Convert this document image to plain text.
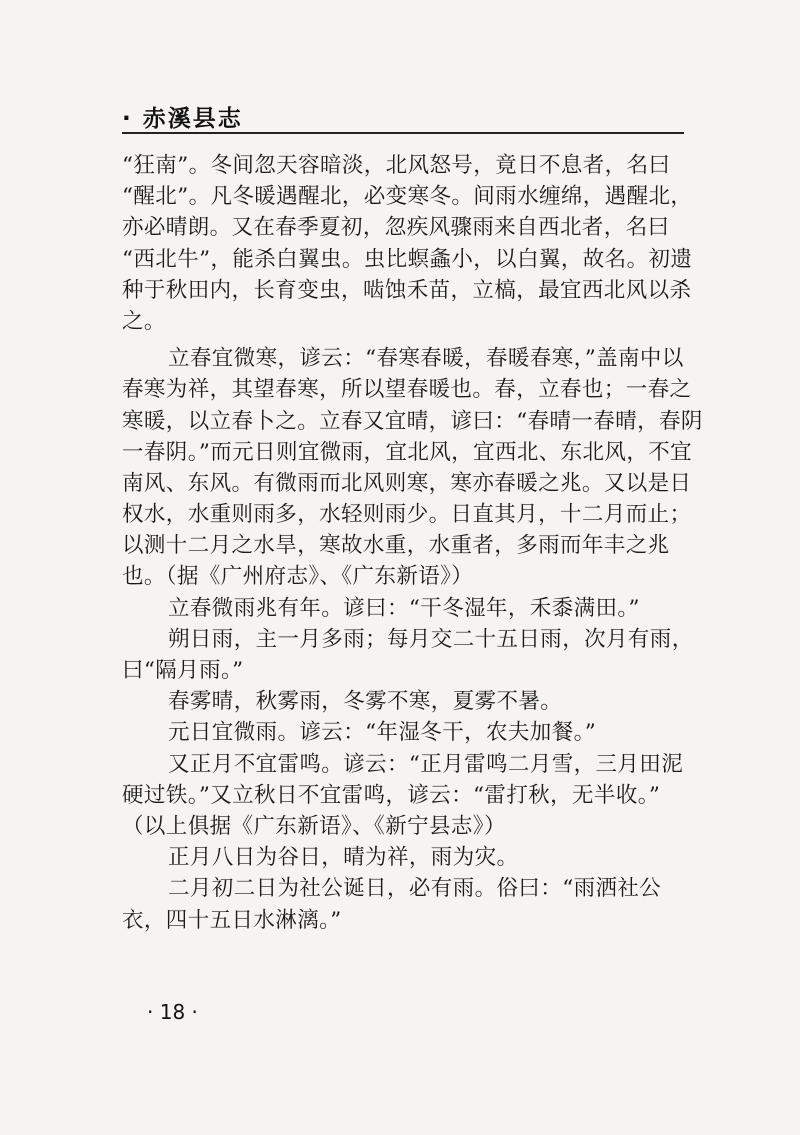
· 赤溪县志
“狂南”。冬间忽天容暗淡，北风怒号，竟日不息者，名曰
“醒北”。凡冬暖遇醒北，必变寒冬。间雨水缠绵，遇醒北，
亦必晴朗。又在春季夏初，忽疾风骤雨来自西北者，名曰
“西北牛”，能杀白翼虫。虫比螟螽小，以白翼，故名。初遗
种于秋田内，长育变虫，啮蚀禾苗，立槁，最宜西北风以杀
之。
立春宜微寒，谚云：“春寒春暖，春暖春寒，”盖南中以
春寒为祥，其望春寒，所以望春暖也。春，立春也；一春之
寒暖，以立春卜之。立春又宜晴，谚曰：“春晴一春晴，春阴
一春阴。”而元日则宜微雨，宜北风，宜西北、东北风，不宜
南风、东风。有微雨而北风则寒，寒亦春暖之兆。又以是日
权水，水重则雨多，水轻则雨少。日直其月，十二月而止；
以测十二月之水旱，寒故水重，水重者，多雨而年丰之兆
也。（据《广州府志》、《广东新语》）
立春微雨兆有年。谚曰：“干冬湿年，禾黍满田。”
朔日雨，主一月多雨；每月交二十五日雨，次月有雨，
曰“隔月雨。”
春雾晴，秋雾雨，冬雾不寒，夏雾不暑。
元日宜微雨。谚云：“年湿冬干，农夫加餐。”
又正月不宜雷鸣。谚云：“正月雷鸣二月雪，三月田泥
硬过铁。”又立秋日不宜雷鸣，谚云：“雷打秋，无半收。”
（以上俱据《广东新语》、《新宁县志》）
正月八日为谷日，晴为祥，雨为灾。
二月初二日为社公诞日，必有雨。俗曰：“雨洒社公
衣，四十五日水淋漓。”
· 18 ·
